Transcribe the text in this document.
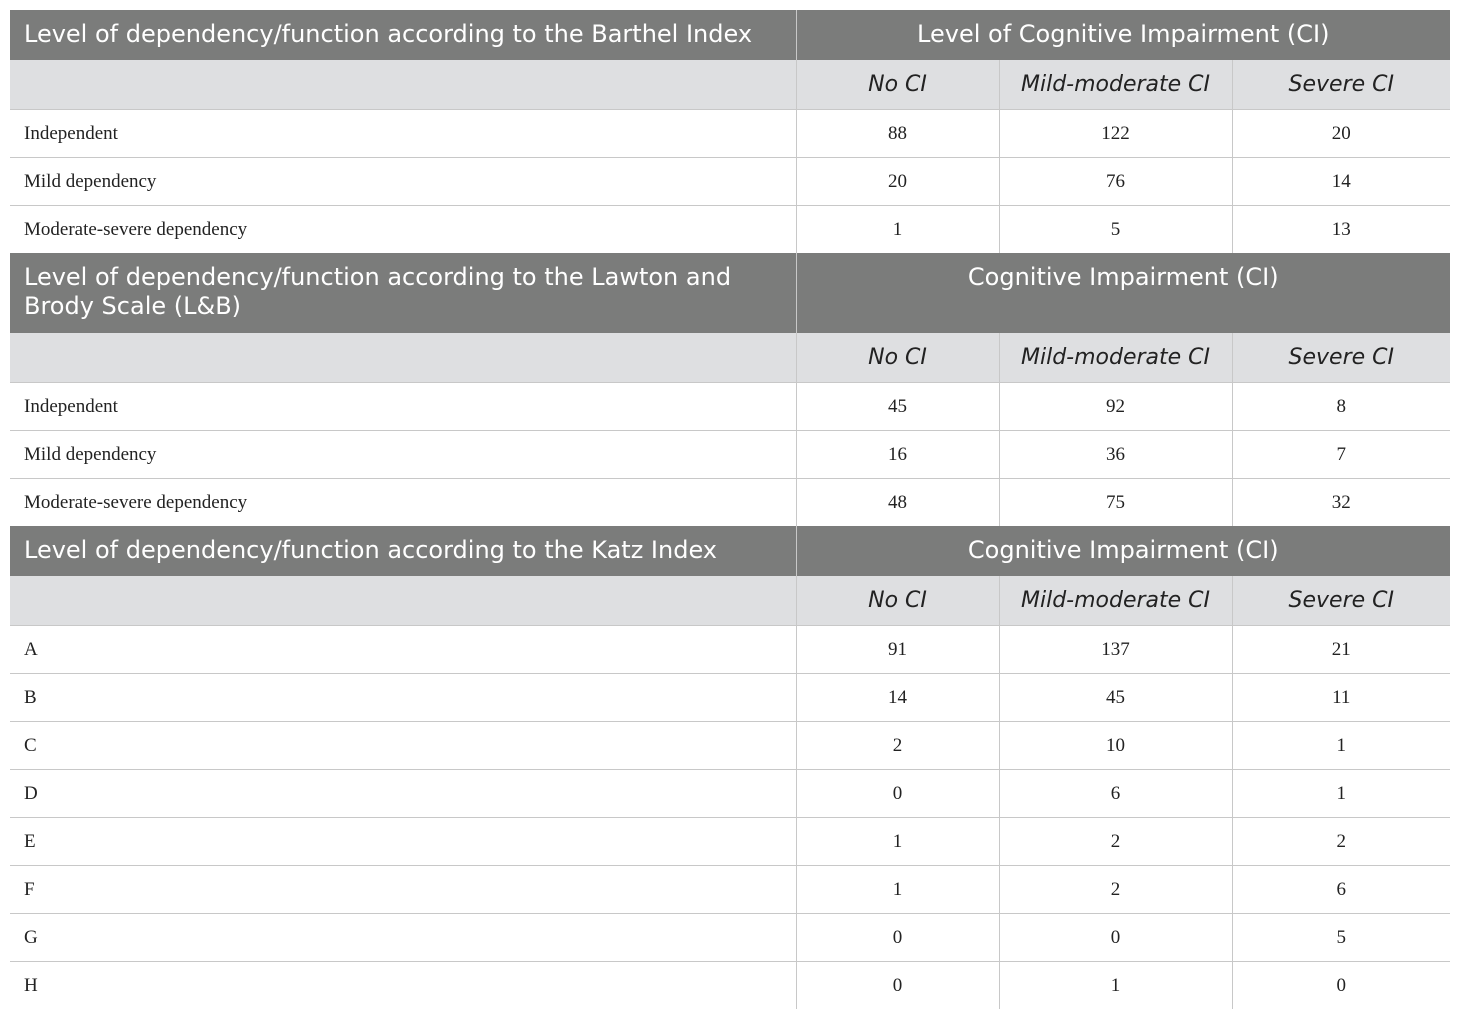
Level of dependency/function according to the Barthel Index	Level of Cognitive Impairment (CI)		
	No CI	Mild-moderate CI	Severe CI
Independent	88	122	20
Mild dependency	20	76	14
Moderate-severe dependency	1	5	13
Level of dependency/function according to the Lawton and Brody Scale (L&B)	Cognitive Impairment (CI)		
	No CI	Mild-moderate CI	Severe CI
Independent	45	92	8
Mild dependency	16	36	7
Moderate-severe dependency	48	75	32
Level of dependency/function according to the Katz Index	Cognitive Impairment (CI)		
	No CI	Mild-moderate CI	Severe CI
A	91	137	21
B	14	45	11
C	2	10	1
D	0	6	1
E	1	2	2
F	1	2	6
G	0	0	5
H	0	1	0
